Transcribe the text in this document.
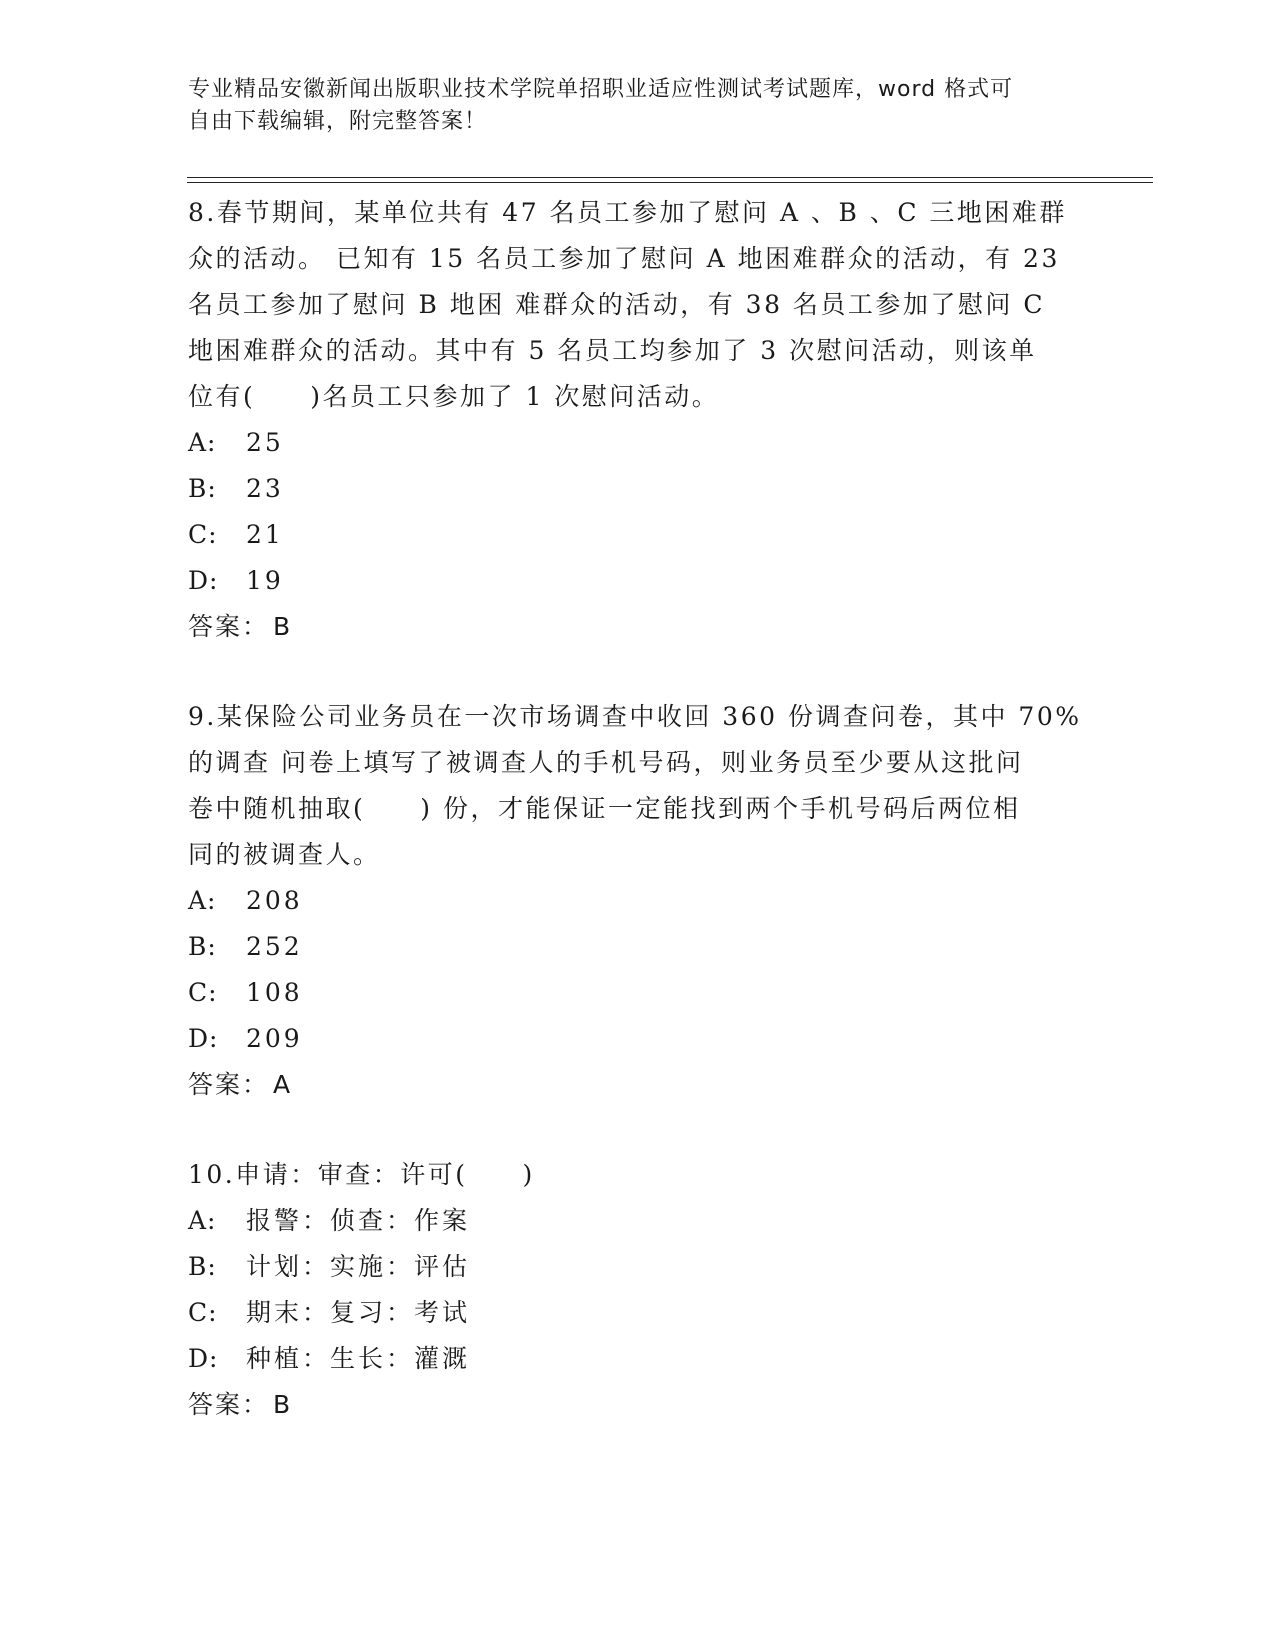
专业精品安徽新闻出版职业技术学院单招职业适应性测试考试题库，word 格式可
自由下载编辑，附完整答案！
8.春节期间，某单位共有 47 名员工参加了慰问 A 、B 、C 三地困难群
众的活动。 已知有 15 名员工参加了慰问 A 地困难群众的活动，有 23
名员工参加了慰问 B 地困 难群众的活动，有 38 名员工参加了慰问 C
地困难群众的活动。其中有 5 名员工均参加了 3 次慰问活动，则该单
位有(　　)名员工只参加了 1 次慰问活动。
A:	25
B:	23
C:	21
D:	19
答案： B
9.某保险公司业务员在一次市场调查中收回 360 份调查问卷，其中 70%
的调查 问卷上填写了被调查人的手机号码，则业务员至少要从这批问
卷中随机抽取(　　) 份，才能保证一定能找到两个手机号码后两位相
同的被调查人。
A:	208
B:	252
C:	108
D:	209
答案： A
10.申请：审查：许可(　　)
A:	报警：侦查：作案
B:	计划：实施：评估
C:	期末：复习：考试
D:	种植：生长：灌溉
答案： B
